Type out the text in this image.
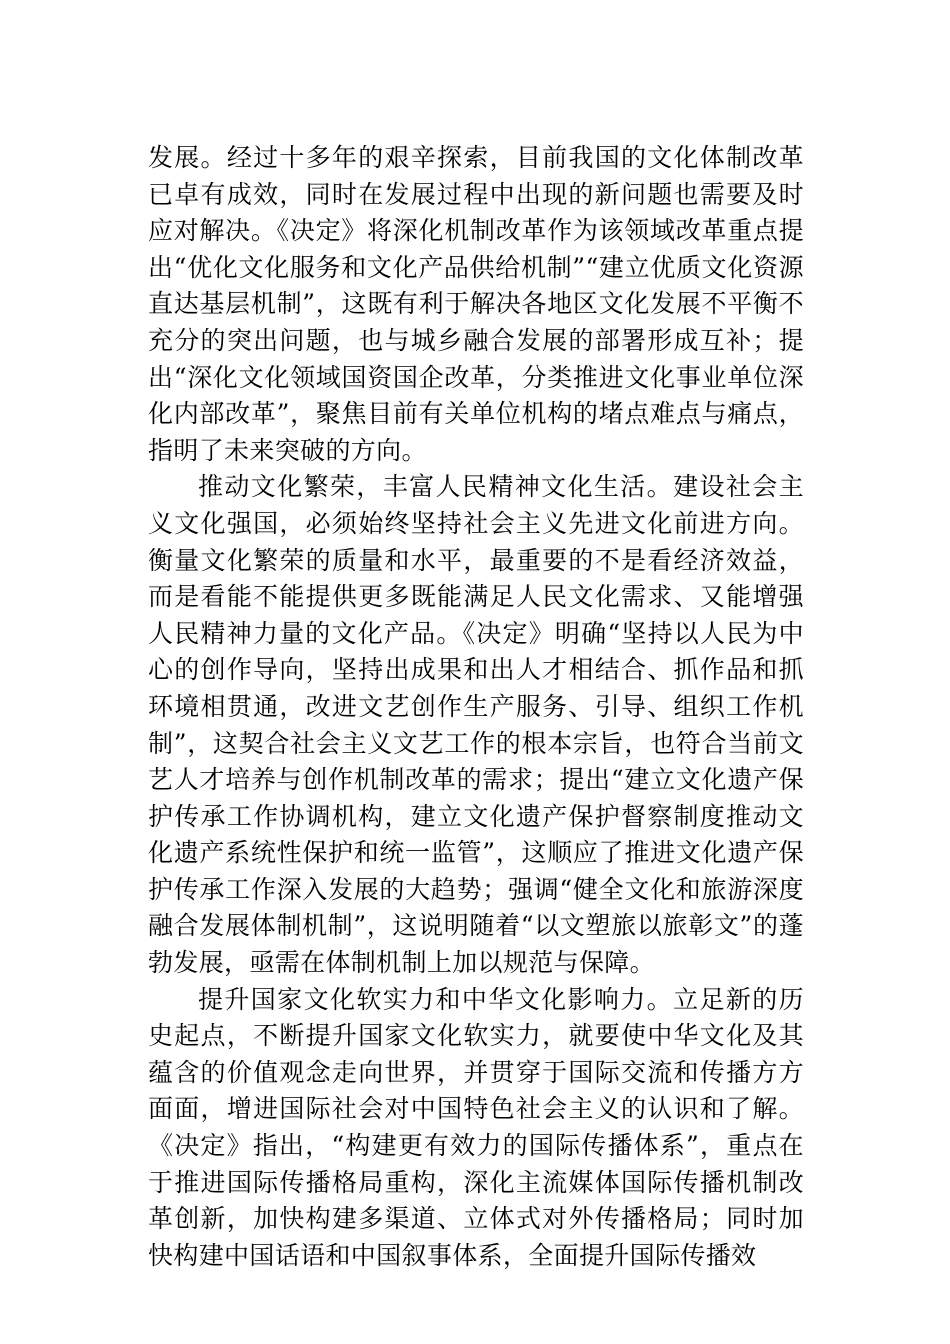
发展。经过十多年的艰辛探索，目前我国的文化体制改革已卓有成效，同时在发展过程中出现的新问题也需要及时应对解决。《决定》将深化机制改革作为该领域改革重点提出“优化文化服务和文化产品供给机制”“建立优质文化资源直达基层机制”，这既有利于解决各地区文化发展不平衡不充分的突出问题，也与城乡融合发展的部署形成互补；提出“深化文化领域国资国企改革，分类推进文化事业单位深化内部改革”，聚焦目前有关单位机构的堵点难点与痛点，指明了未来突破的方向。

推动文化繁荣，丰富人民精神文化生活。建设社会主义文化强国，必须始终坚持社会主义先进文化前进方向。衡量文化繁荣的质量和水平，最重要的不是看经济效益，而是看能不能提供更多既能满足人民文化需求、又能增强人民精神力量的文化产品。《决定》明确“坚持以人民为中心的创作导向，坚持出成果和出人才相结合、抓作品和抓环境相贯通，改进文艺创作生产服务、引导、组织工作机制”，这契合社会主义文艺工作的根本宗旨，也符合当前文艺人才培养与创作机制改革的需求；提出“建立文化遗产保护传承工作协调机构，建立文化遗产保护督察制度推动文化遗产系统性保护和统一监管”，这顺应了推进文化遗产保护传承工作深入发展的大趋势；强调“健全文化和旅游深度融合发展体制机制”，这说明随着“以文塑旅以旅彰文”的蓬勃发展，亟需在体制机制上加以规范与保障。

提升国家文化软实力和中华文化影响力。立足新的历史起点，不断提升国家文化软实力，就要使中华文化及其蕴含的价值观念走向世界，并贯穿于国际交流和传播方方面面，增进国际社会对中国特色社会主义的认识和了解。《决定》指出，“构建更有效力的国际传播体系”，重点在于推进国际传播格局重构，深化主流媒体国际传播机制改革创新，加快构建多渠道、立体式对外传播格局；同时加快构建中国话语和中国叙事体系，全面提升国际传播效
